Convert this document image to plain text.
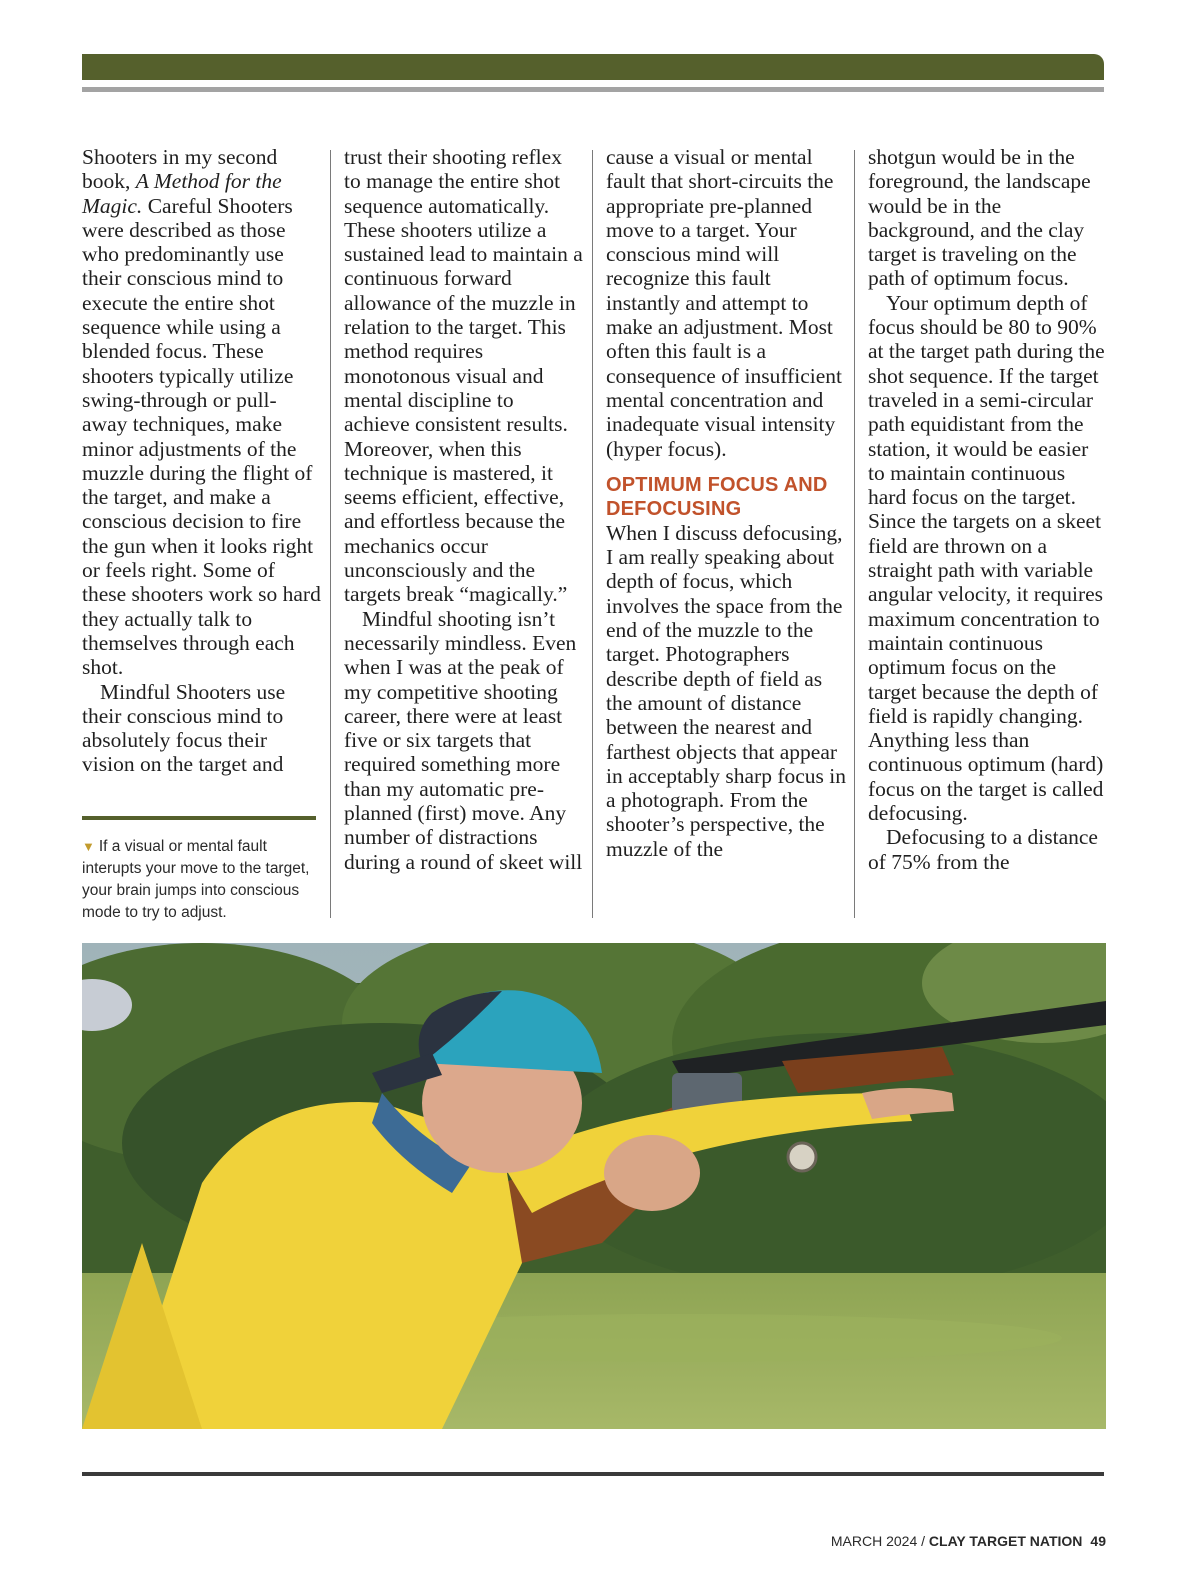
Shooters in my second book, A Method for the Magic. Careful Shooters were described as those who predominantly use their conscious mind to execute the entire shot sequence while using a blended focus. These shooters typically utilize swing-through or pull-away techniques, make minor adjustments of the muzzle during the flight of the target, and make a conscious decision to fire the gun when it looks right or feels right. Some of these shooters work so hard they actually talk to themselves through each shot.

Mindful Shooters use their conscious mind to absolutely focus their vision on the target and

trust their shooting reflex to manage the entire shot sequence automatically. These shooters utilize a sustained lead to maintain a continuous forward allowance of the muzzle in relation to the target. This method requires monotonous visual and mental discipline to achieve consistent results. Moreover, when this technique is mastered, it seems efficient, effective, and effortless because the mechanics occur unconsciously and the targets break “magically.”

Mindful shooting isn’t necessarily mindless. Even when I was at the peak of my competitive shooting career, there were at least five or six targets that required something more than my automatic pre-planned (first) move. Any number of distractions during a round of skeet will

cause a visual or mental fault that short-circuits the appropriate pre-planned move to a target. Your conscious mind will recognize this fault instantly and attempt to make an adjustment. Most often this fault is a consequence of insufficient mental concentration and inadequate visual intensity (hyper focus).

OPTIMUM FOCUS AND DEFOCUSING

When I discuss defocusing, I am really speaking about depth of focus, which involves the space from the end of the muzzle to the target. Photographers describe depth of field as the amount of distance between the nearest and farthest objects that appear in acceptably sharp focus in a photograph. From the shooter’s perspective, the muzzle of the

shotgun would be in the foreground, the landscape would be in the background, and the clay target is traveling on the path of optimum focus.

Your optimum depth of focus should be 80 to 90% at the target path during the shot sequence. If the target traveled in a semi-circular path equidistant from the station, it would be easier to maintain continuous hard focus on the target. Since the targets on a skeet field are thrown on a straight path with variable angular velocity, it requires maximum concentration to maintain continuous optimum focus on the target because the depth of field is rapidly changing. Anything less than continuous optimum (hard) focus on the target is called defocusing.

Defocusing to a distance of 75% from the

▼ If a visual or mental fault interupts your move to the target, your brain jumps into conscious mode to try to adjust.
MARCH 2024 / CLAY TARGET NATION 49
